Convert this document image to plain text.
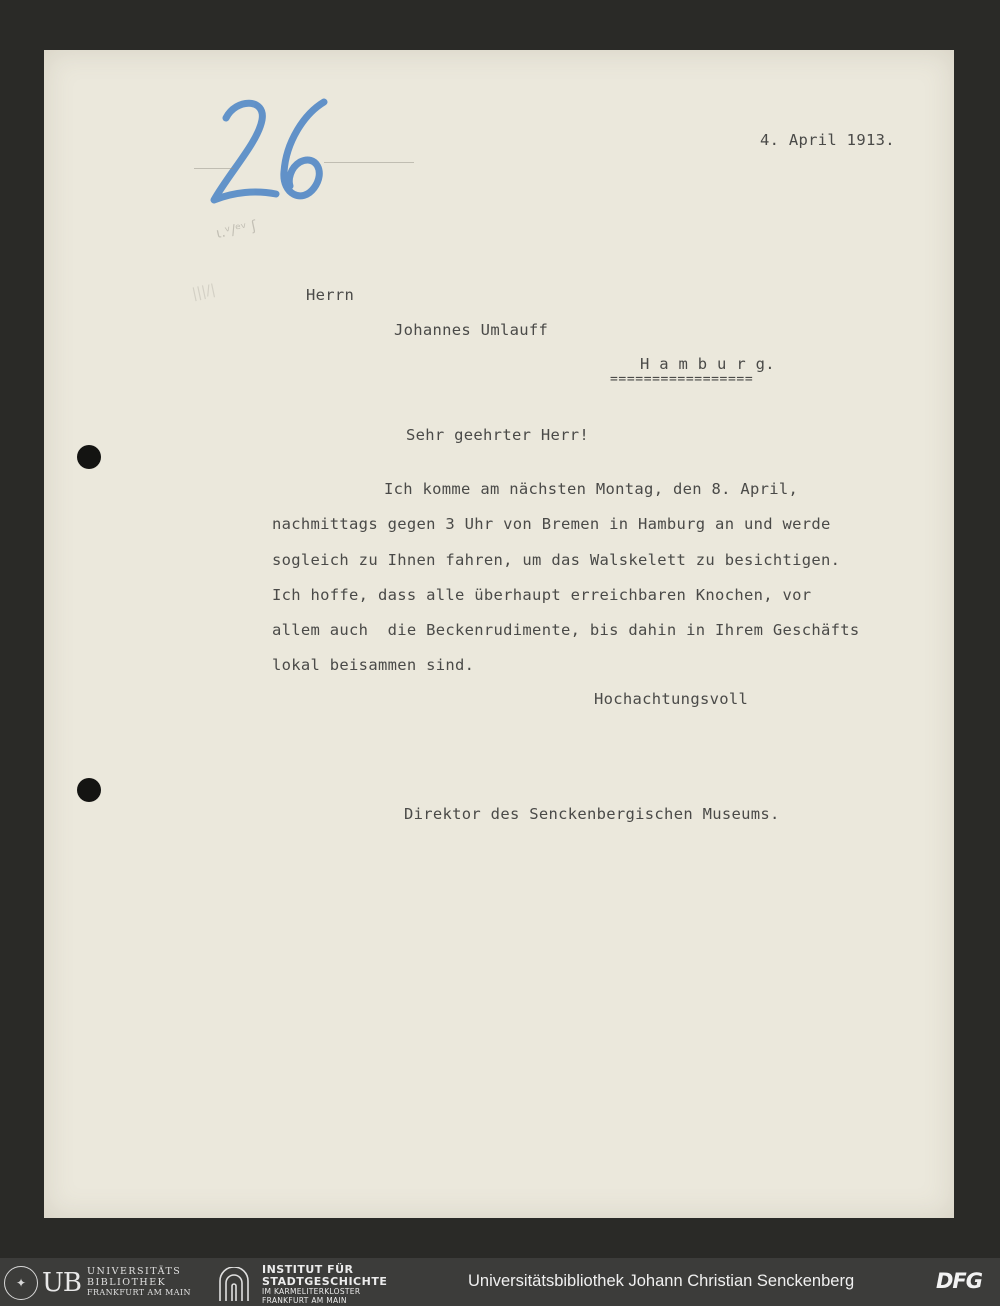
26
ɩ.ᵛ/ᵉᵛ ʃ
|||/|
4. April 1913.
Herrn
Johannes Umlauff
H a m b u r g.
=================
Sehr geehrter Herr!
Ich komme am nächsten Montag, den 8. April,
nachmittags gegen 3 Uhr von Bremen in Hamburg an und werde
sogleich zu Ihnen fahren, um das Walskelett zu besichtigen.
Ich hoffe, dass alle überhaupt erreichbaren Knochen, vor
allem auch  die Beckenrudimente, bis dahin in Ihrem Geschäfts
lokal beisammen sind.
Hochachtungsvoll
Direktor des Senckenbergischen Museums.
✦ UB UNIVERSITÄTS
BIBLIOTHEK
FRANKFURT AM MAIN
INSTITUT FÜR
STADTGESCHICHTE
IM KARMELITERKLOSTER
FRANKFURT AM MAIN
Universitätsbibliothek Johann Christian Senckenberg	DFG
